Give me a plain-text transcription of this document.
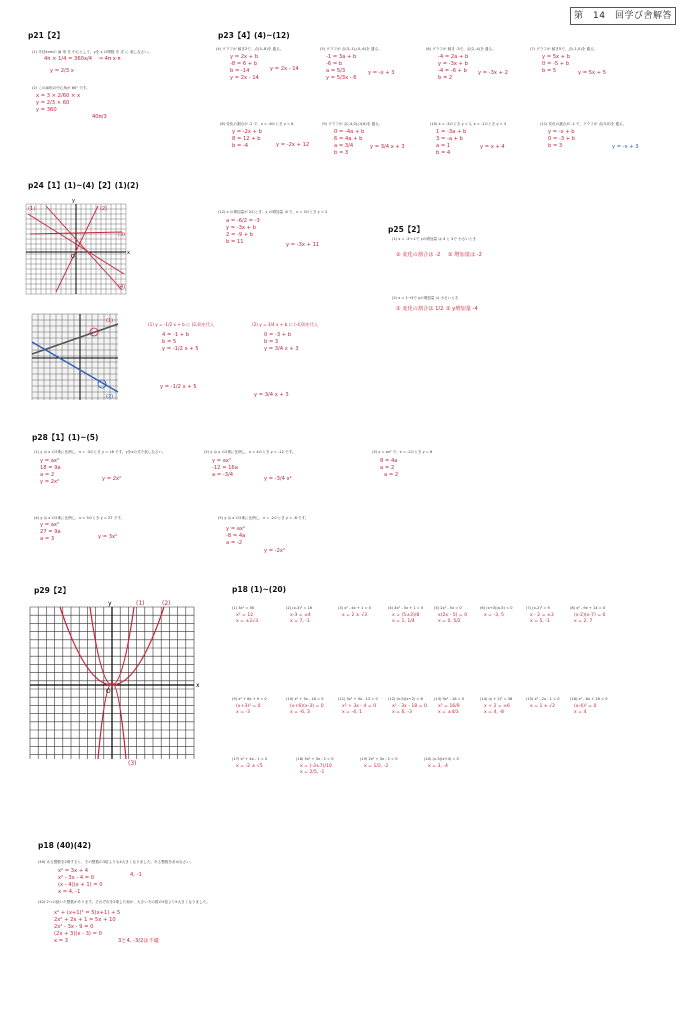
第　14　回学び舎解答
p21【2】	p23【4】(4)~(12)
p24【1】(1)~(4)【2】(1)(2)
p25【2】
p28【1】(1)~(5)
p29【2】	p18 (1)~(20)
p18 (40)(42)
(1) 半径4cmの 扇 形 を 中心として、yを x の関数 を 式 に 表しなさい。
4π × 1/4 = 360x/4    ⇒ 4π x·π
y = 2/3 x
(2) この扇形の中心角が 60° です。
x = 3 × 2/60 × x
y = 2/3 × 60
y = 360
40π/3
(4) グラフが 傾き2で、点(3,-8)を 通る。
y = 2x + b
-8 = 6 + b
b = -14
y = 2x - 14
y = 2x - 14
(5) グラフが 点(3,-1),(0,-6)を 通る。
-1 = 3a + b
-6 = b
a = 5/3
y = 5/3x - 6
y = -x + 3
(6) グラフが 傾き -3で、点(2,-4)を 通る。
-4 = 2a + b
y = -3x + b
-4 = -6 + b
b = 2
y = -3x + 2
(7) グラフが 傾き5で、点(-1,0)を 通る。
y = 5x + b
0 = -5 + b
b = 5	y = 5x + 5
(8) 変化の割合が -2 で、x = -6のとき y = 8
y = -2x + b
8 = 12 + b
b = -4	y = -2x + 12
(9) グラフが 点(-4,0),(4,6)を 通る。
0 = -4a + b
6 = 4a + b
a = 3/4
b = 3
y = 3/4 x + 3
(10) x = -3のとき y = 1, x = -1のとき y = 3
1 = -3a + b
3 = -a + b
a = 1
b = 4
y = x + 4
(11) 変化の割合が -1 で、グラフが 点(3,0)を 通る。
y = -x + b
0 = -3 + b
b = 3	y = -x + 3
(12) x の増加量が 2のとき、y の増加量 -6 で、x = 3のとき y = 2
a = -6/2 = -3
y = -3x + b
2 = -9 + b
b = 11	y = -3x + 11
(1)	(2)
(3)
(4)
y
x
O
(1)
(2)
(1) y = -1/2 x + b に (2,4)を代入
4 = -1 + b
b = 5
y = -1/2 x + 5
y = -1/2 x + 5
(2) y = 3/4 x + b に (-4,0)を代入
0 = -3 + b
b = 3
y = 3/4 x + 3
y = 3/4 x + 3
(1) x = -3→-1で yの増加量 は 4 と 2で 小さいとき
① 変化の割合は -2 ② 増加量は -2
(2) x = 1→3で yの増加量 は 小さいとき
① 変化の割合は 1/2 ② y増加量 -4
(1) y は x の2乗に比例し、x = -3のとき y = 18 です。yをxの式で表しなさい。
y = ax²
18 = 9a
a = 2
y = 2x²	y = 2x²
(2) y は x の2乗に比例し、x = 4のとき y = -12 です。
y = ax²
-12 = 16a
a = -3/4
y = -3/4 x²
(3) y = ax² で、x = -2のとき y = 8
8 = 4a
a = 2
a = 2
(4) y は x の2乗に比例し、x = 3のとき y = 27 です。
y = ax²
27 = 9a
a = 3	y = 3x²
(5) y は x の2乗に比例し、x = -2のとき y = -8 です。
y = ax²
-8 = 4a
a = -2
y = -2x²
(1)	(2)
(3)
y
x
O
(1) 3x² = 36
x² = 12
x = ±2√3
(2) (x-3)² = 16
x-3 = ±4
x = 7, -1
(3) x² - 4x + 1 = 0
x = 2 ± √3
(4) 4x² - 5x + 1 = 0
x = (5±3)/8
x = 1, 1/4
(5) 2x² - 5x = 0
x(2x - 5) = 0
x = 0, 5/2
(6) (x+3)(x-5) = 0
x = -3, 5
(7) (x-2)² = 9
x - 2 = ±3
x = 5, -1
(8) x² - 9x + 14 = 0
(x-2)(x-7) = 0
x = 2, 7
(9) x² + 6x + 9 = 0
(x+3)² = 0
x = -3
(10) x² + 3x - 18 = 0
(x+6)(x-3) = 0
x = -6, 3
(11) 3x² + 9x - 12 = 0
x² + 3x - 4 = 0
x = -4, 1
(12) (x-5)(x+2) = 8
x² - 3x - 18 = 0
x = 6, -3
(13) 9x² - 16 = 0
x² = 16/9
x = ±4/3
(14) (x + 2)² = 36
x + 2 = ±6
x = 4, -8
(15) x² - 2x - 1 = 0
x = 1 ± √2
(16) x² - 8x + 16 = 0
(x-4)² = 0
x = 4
(17) x² + 4x - 1 = 0
x = -2 ± √5
(18) 5x² + 3x - 2 = 0
x = (-3±7)/10
x = 2/5, -1
(19) 2x² + 3x - 2 = 0
x = 1/2, -2
(20) (x-3)(x+4) = 0
x = 3, -4
(40) ある整数を2乗すると、その整数の3倍よりも4大きくなりました。ある整数を求めなさい。
x² = 3x + 4
x² - 3x - 4 = 0
(x - 4)(x + 1) = 0
x = 4, -1
4, -1
(42) 2つの続いた整数があります。それぞれを2乗した和が、大きい方の数の5倍より5大きくなりました。
x² + (x+1)² = 5(x+1) + 5
2x² + 2x + 1 = 5x + 10
2x² - 3x - 9 = 0
(2x + 3)(x - 3) = 0
x = 3	3と4, -3/2は不適
